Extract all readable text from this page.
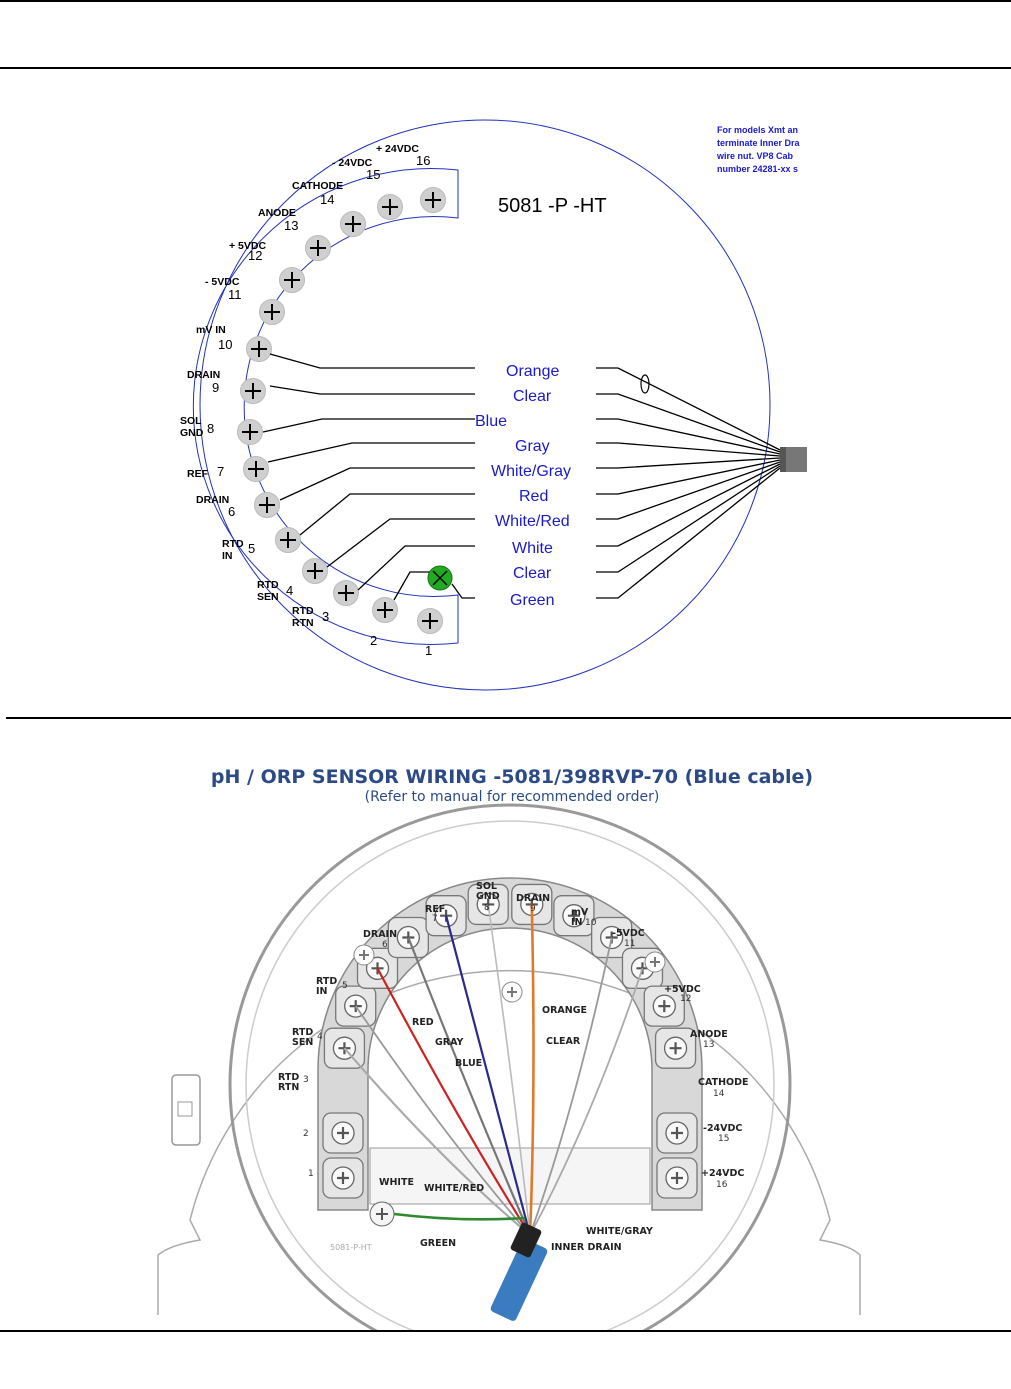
5081 -P -HT
For models Xmt an
terminate Inner Dra
wire nut. VP8 Cab
number 24281-xx s
Orange
Clear
Blue
Gray
White/Gray
Red
White/Red
White
Clear
Green
+ 24VDC
16
- 24VDC
15
CATHODE
14
ANODE
13
+ 5VDC
12
- 5VDC
11
mV IN
10
DRAIN
9
SOL
GND 8
REF 7
DRAIN
6
RTD
IN 5
RTD
SEN 4
RTD
RTN 3
2
1
pH / ORP SENSOR WIRING -5081/398RVP-70 (Blue cable)
(Refer to manual for recommended order)
5081-P-HT
1
2
RTD
RTN
3
RTD
SEN 4
RTD
IN 5
DRAIN
6
REF
7
SOL
GND
8
DRAIN
9	mV
IN 10
-5VDC
11
+5VDC
12
ANODE
13
CATHODE
14
-24VDC
15
+24VDC
16
RED
GRAY
BLUE
ORANGE
CLEAR
WHITE
WHITE/RED
GREEN
WHITE/GRAY
INNER DRAIN
